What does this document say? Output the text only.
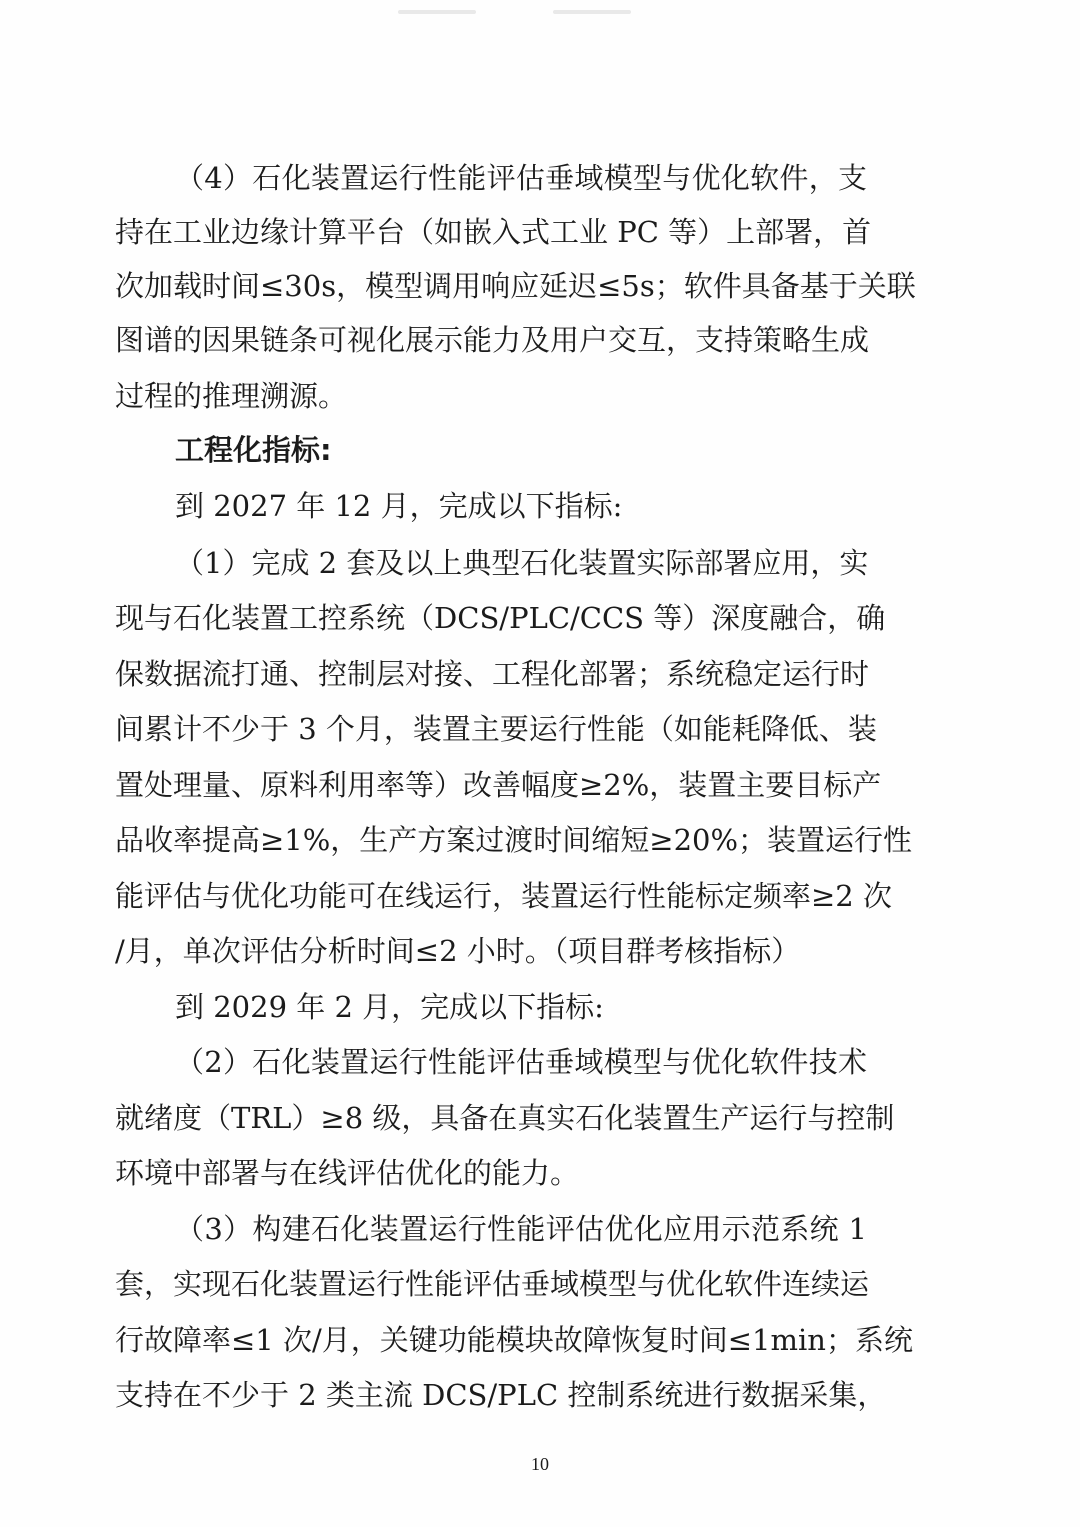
（4）石化装置运行性能评估垂域模型与优化软件，支

持在工业边缘计算平台（如嵌入式工业 PC 等）上部署，首

次加载时间≤30s，模型调用响应延迟≤5s；软件具备基于关联

图谱的因果链条可视化展示能力及用户交互，支持策略生成

过程的推理溯源。

工程化指标:

到 2027 年 12 月，完成以下指标:

（1）完成 2 套及以上典型石化装置实际部署应用，实

现与石化装置工控系统（DCS/PLC/CCS 等）深度融合，确

保数据流打通、控制层对接、工程化部署；系统稳定运行时

间累计不少于 3 个月，装置主要运行性能（如能耗降低、装

置处理量、原料利用率等）改善幅度≥2%，装置主要目标产

品收率提高≥1%，生产方案过渡时间缩短≥20%；装置运行性

能评估与优化功能可在线运行，装置运行性能标定频率≥2 次

/月，单次评估分析时间≤2 小时。（项目群考核指标）

到 2029 年 2 月，完成以下指标:

（2）石化装置运行性能评估垂域模型与优化软件技术

就绪度（TRL）≥8 级，具备在真实石化装置生产运行与控制

环境中部署与在线评估优化的能力。

（3）构建石化装置运行性能评估优化应用示范系统 1

套，实现石化装置运行性能评估垂域模型与优化软件连续运

行故障率≤1 次/月，关键功能模块故障恢复时间≤1min；系统

支持在不少于 2 类主流 DCS/PLC 控制系统进行数据采集，

10
